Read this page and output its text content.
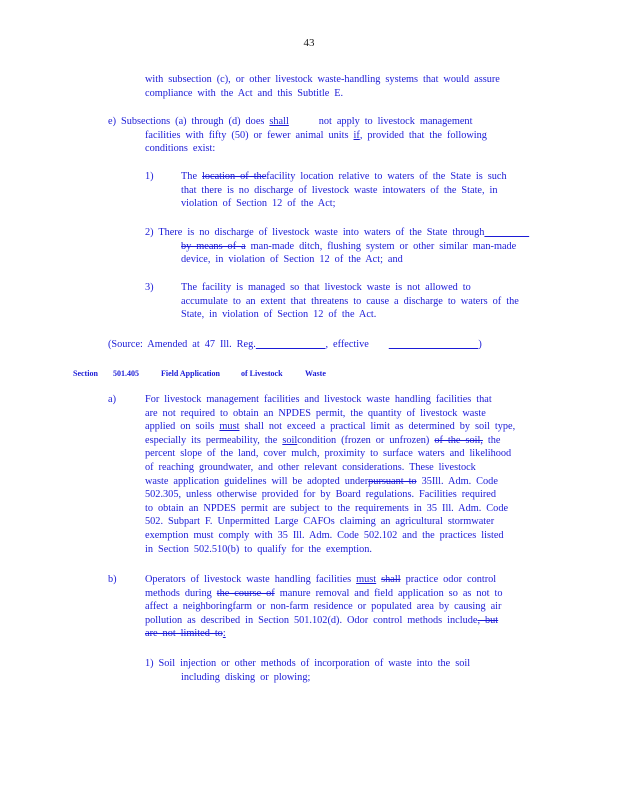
43
with subsection (c), or other livestock waste-handling systems that would assure
compliance with the Act and this Subtitle E.
e) Subsections (a) through (d) does shall	not apply to livestock management
facilities with fifty (50) or fewer animal units if, provided that the following
conditions exist:
1)	The location of thefacility location relative to waters of the State is such
that there is no discharge of livestock waste intowaters of the State, in
violation of Section 12 of the Act;
2) There is no discharge of livestock waste into waters of the State through
by means of a man-made ditch, flushing system or other similar man-made
device, in violation of Section 12 of the Act; and
3)	The facility is managed so that livestock waste is not allowed to
accumulate to an extent that threatens to cause a discharge to waters of the
State, in violation of Section 12 of the Act.
(Source: Amended at 47 Ill. Reg.	, effective	)
Section 501.405	Field Application	of Livestock	Waste
a)	For livestock management facilities and livestock waste handling facilities that
are not required to obtain an NPDES permit, the quantity of livestock waste
applied on soils must shall not exceed a practical limit as determined by soil type,
especially its permeability, the soilcondition (frozen or unfrozen) of the soil, the
percent slope of the land, cover mulch, proximity to surface waters and likelihood
of reaching groundwater, and other relevant considerations. These livestock
waste application guidelines will be adopted underpursuant to 35Ill. Adm. Code
502.305, unless otherwise provided for by Board regulations. Facilities required
to obtain an NPDES permit are subject to the requirements in 35 Ill. Adm. Code
502. Subpart F. Unpermitted Large CAFOs claiming an agricultural stormwater
exemption must comply with 35 Ill. Adm. Code 502.102 and the practices listed
in Section 502.510(b) to qualify for the exemption.
b)	Operators of livestock waste handling facilities must shall practice odor control
methods during the course of manure removal and field application so as not to
affect a neighboringfarm or non-farm residence or populated area by causing air
pollution as described in Section 501.102(d). Odor control methods include, but
are not limited to:
1) Soil injection or other methods of incorporation of waste into the soil
including disking or plowing;
